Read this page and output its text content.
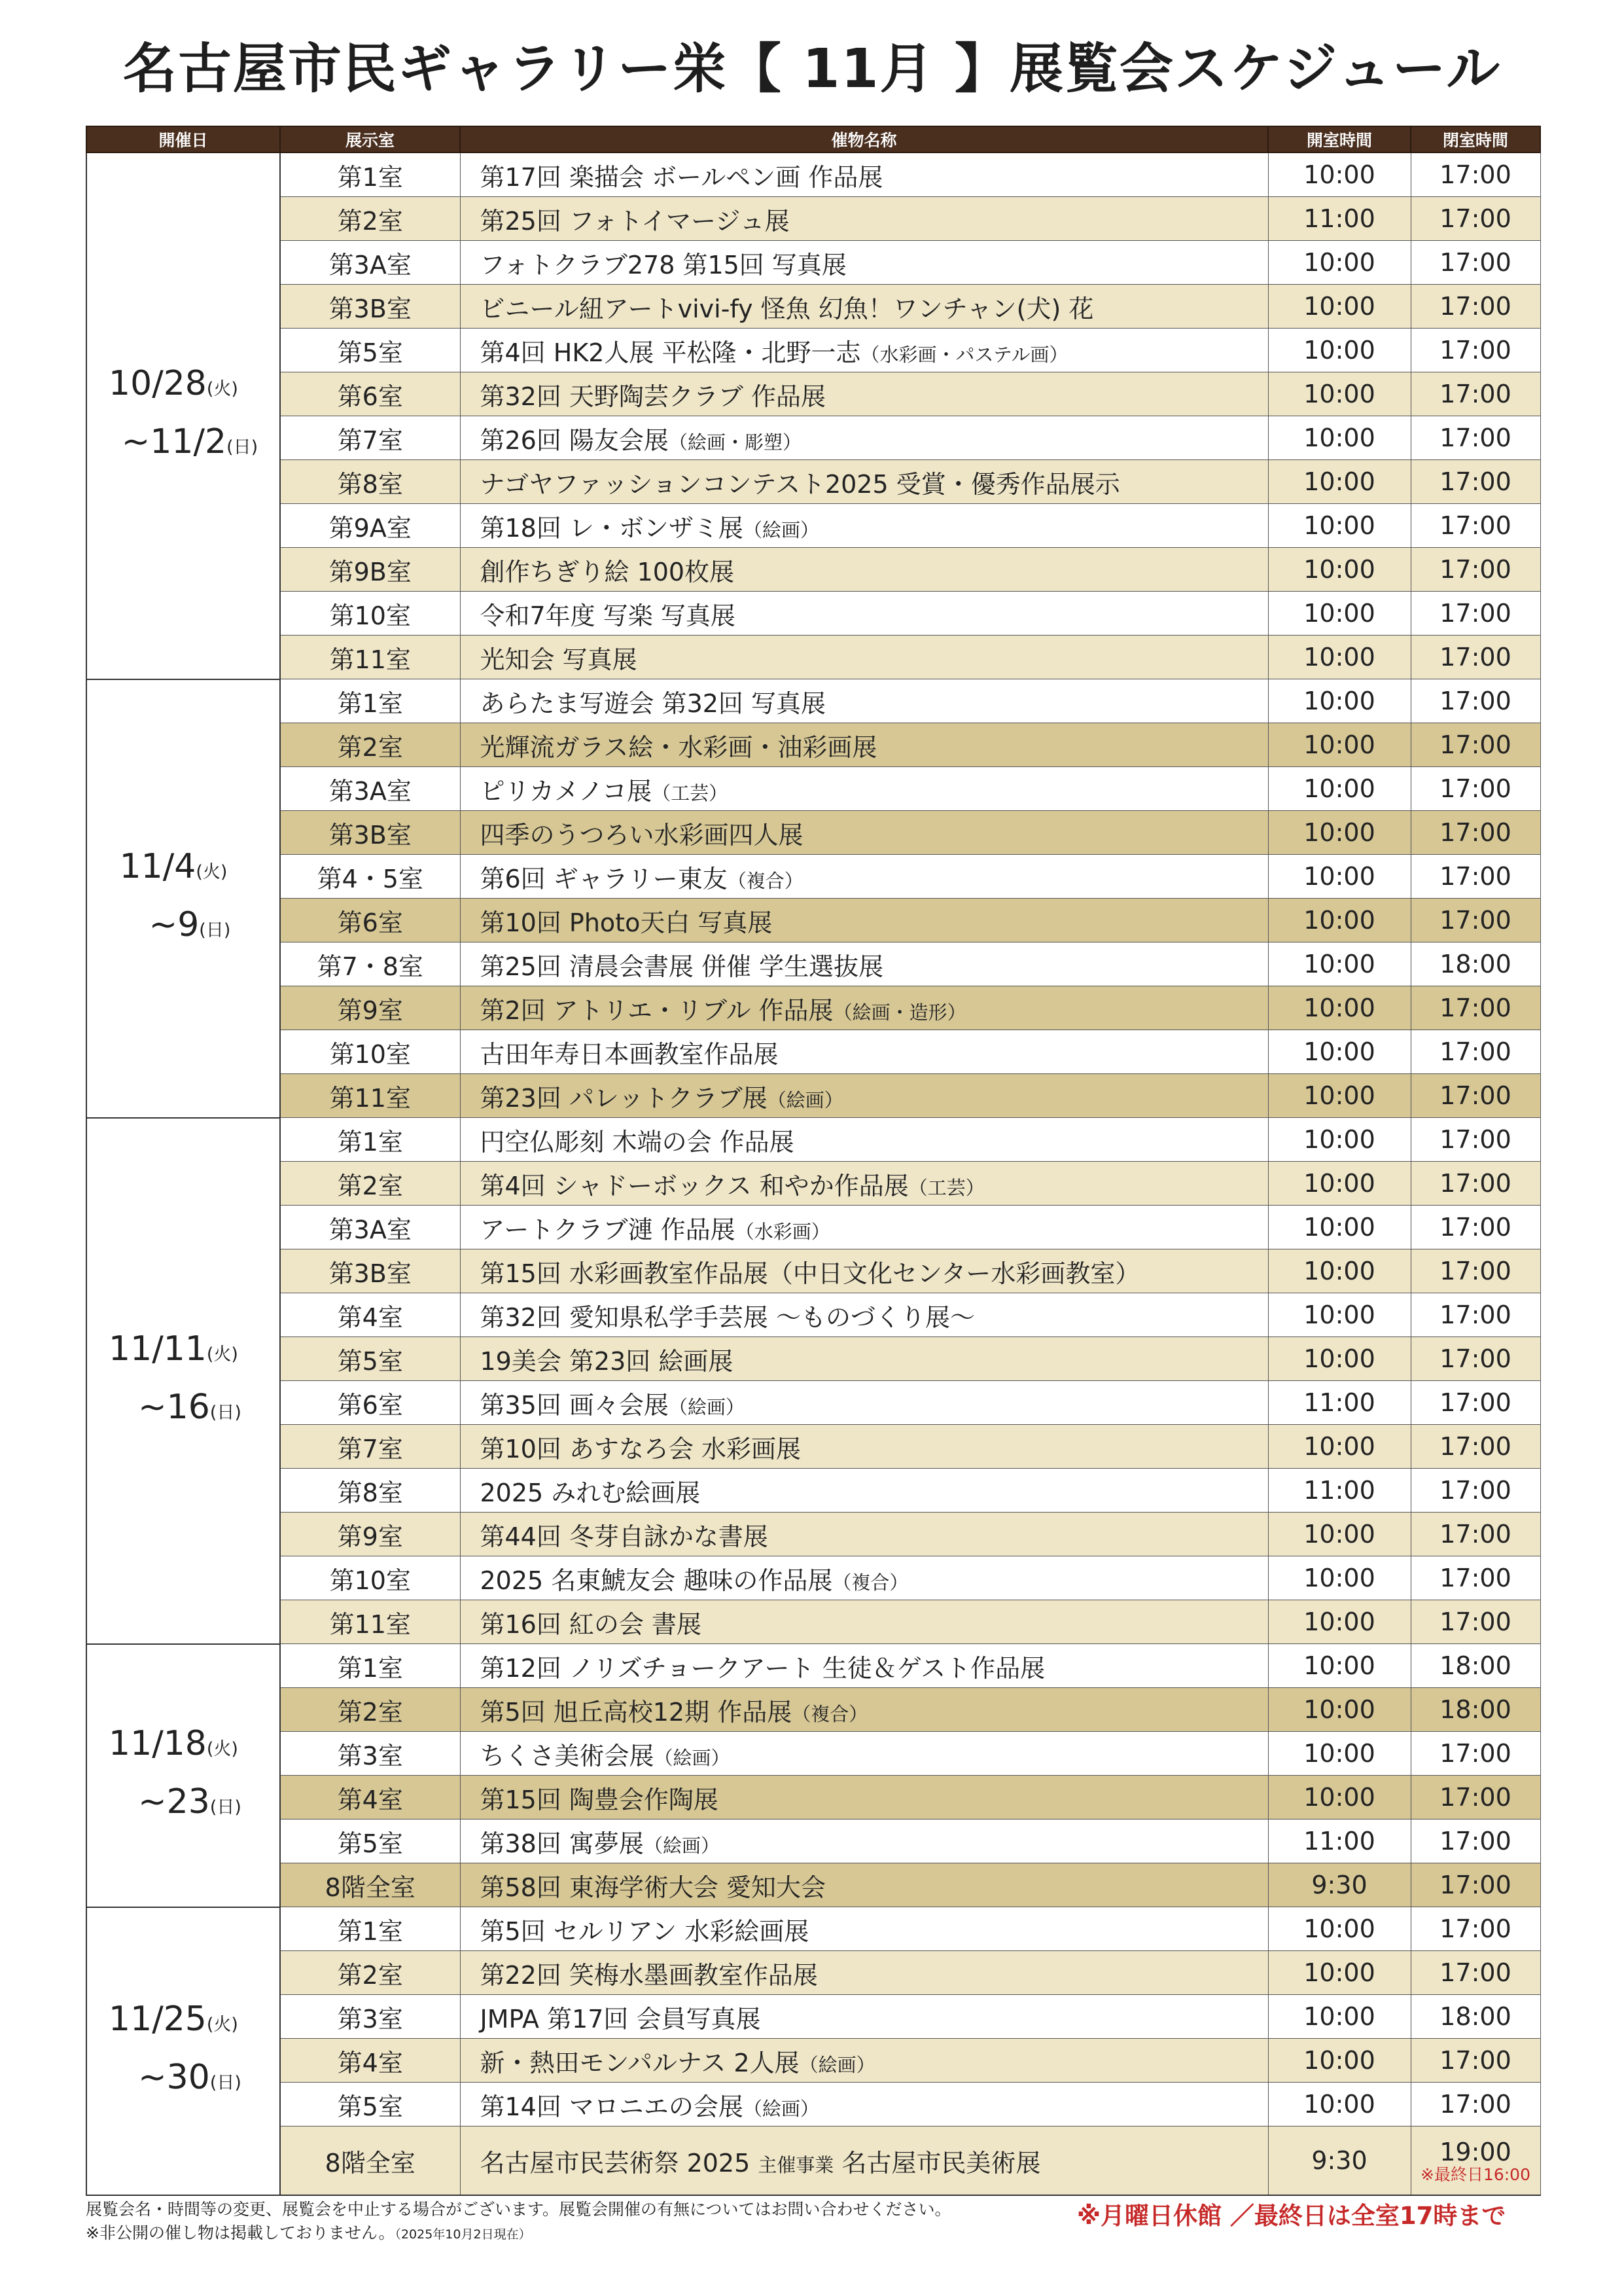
名古屋市民ギャラリー栄【 11月 】展覧会スケジュール
開催日	展示室	催物名称	開室時間	閉室時間

10/28(火)
~11/2(日)	第1室	第17回 楽描会 ボールペン画 作品展	10:00	17:00
	第2室	第25回 フォトイマージュ展	11:00	17:00
	第3A室	フォトクラブ278 第15回 写真展	10:00	17:00
	第3B室	ビニール紐アートvivi-fy 怪魚 幻魚！ワンチャン(犬) 花	10:00	17:00
	第5室	第4回 HK2人展 平松隆・北野一志（水彩画・パステル画）	10:00	17:00
	第6室	第32回 天野陶芸クラブ 作品展	10:00	17:00
	第7室	第26回 陽友会展（絵画・彫塑）	10:00	17:00
	第8室	ナゴヤファッションコンテスト2025 受賞・優秀作品展示	10:00	17:00
	第9A室	第18回 レ・ボンザミ展（絵画）	10:00	17:00
	第9B室	創作ちぎり絵 100枚展	10:00	17:00
	第10室	令和7年度 写楽 写真展	10:00	17:00
	第11室	光知会 写真展	10:00	17:00

11/4(火)
~9(日)	第1室	あらたま写遊会 第32回 写真展	10:00	17:00
	第2室	光輝流ガラス絵・水彩画・油彩画展	10:00	17:00
	第3A室	ピリカメノコ展（工芸）	10:00	17:00
	第3B室	四季のうつろい水彩画四人展	10:00	17:00
	第4・5室	第6回 ギャラリー東友（複合）	10:00	17:00
	第6室	第10回 Photo天白 写真展	10:00	17:00
	第7・8室	第25回 清晨会書展 併催 学生選抜展	10:00	18:00
	第9室	第2回 アトリエ・リブル 作品展（絵画・造形）	10:00	17:00
	第10室	古田年寿日本画教室作品展	10:00	17:00
	第11室	第23回 パレットクラブ展（絵画）	10:00	17:00

11/11(火)
~16(日)	第1室	円空仏彫刻 木端の会 作品展	10:00	17:00
	第2室	第4回 シャドーボックス 和やか作品展（工芸）	10:00	17:00
	第3A室	アートクラブ漣 作品展（水彩画）	10:00	17:00
	第3B室	第15回 水彩画教室作品展（中日文化センター水彩画教室）	10:00	17:00
	第4室	第32回 愛知県私学手芸展 〜ものづくり展〜	10:00	17:00
	第5室	19美会 第23回 絵画展	10:00	17:00
	第6室	第35回 画々会展（絵画）	11:00	17:00
	第7室	第10回 あすなろ会 水彩画展	10:00	17:00
	第8室	2025 みれむ絵画展	11:00	17:00
	第9室	第44回 冬芽自詠かな書展	10:00	17:00
	第10室	2025 名東鯱友会 趣味の作品展（複合）	10:00	17:00
	第11室	第16回 紅の会 書展	10:00	17:00

11/18(火)
~23(日)	第1室	第12回 ノリズチョークアート 生徒＆ゲスト作品展	10:00	18:00
	第2室	第5回 旭丘高校12期 作品展（複合）	10:00	18:00
	第3室	ちくさ美術会展（絵画）	10:00	17:00
	第4室	第15回 陶豊会作陶展	10:00	17:00
	第5室	第38回 寓夢展（絵画）	11:00	17:00
	8階全室	第58回 東海学術大会 愛知大会	9:30	17:00

11/25(火)
~30(日)	第1室	第5回 セルリアン 水彩絵画展	10:00	17:00
	第2室	第22回 笑梅水墨画教室作品展	10:00	17:00
	第3室	JMPA 第17回 会員写真展	10:00	18:00
	第4室	新・熱田モンパルナス 2人展（絵画）	10:00	17:00
	第5室	第14回 マロニエの会展（絵画）	10:00	17:00
	8階全室	名古屋市民芸術祭 2025 主催事業 名古屋市民美術展	9:30	19:00
※最終日16:00
展覧会名・時間等の変更、展覧会を中止する場合がございます。展覧会開催の有無についてはお問い合わせください。
※非公開の催し物は掲載しておりません。（2025年10月2日現在）
※月曜日休館 ／最終日は全室17時まで
